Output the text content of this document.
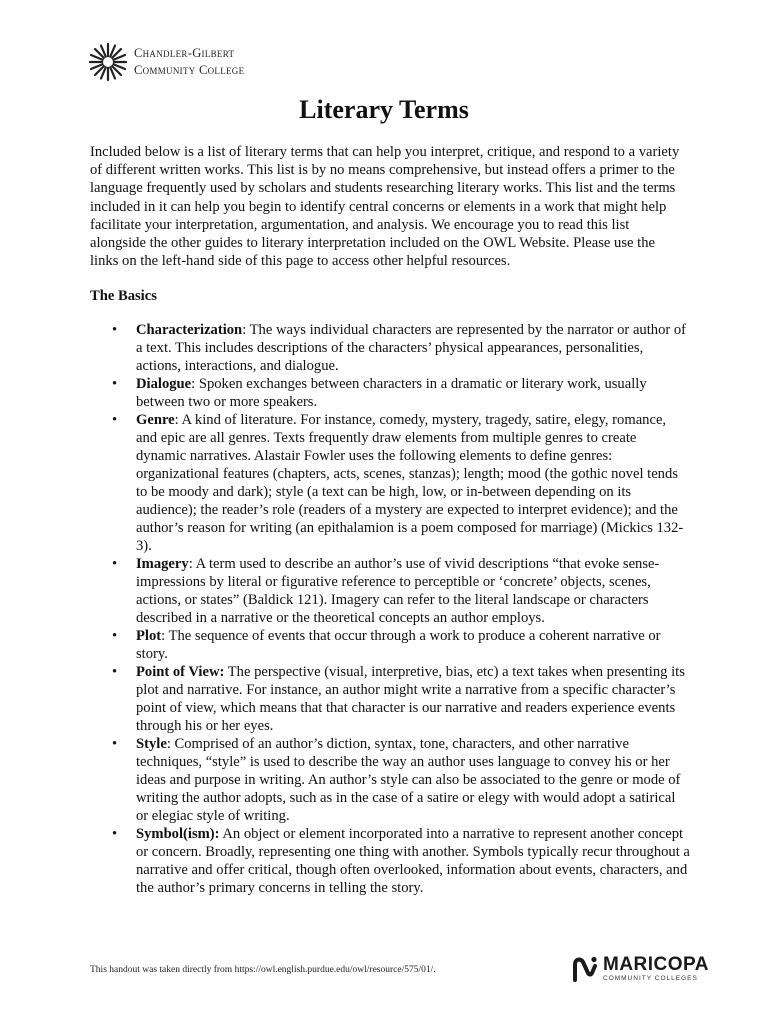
Chandler-Gilbert
Community College
Literary Terms

Included below is a list of literary terms that can help you interpret, critique, and respond to a variety of different written works. This list is by no means comprehensive, but instead offers a primer to the language frequently used by scholars and students researching literary works. This list and the terms included in it can help you begin to identify central concerns or elements in a work that might help facilitate your interpretation, argumentation, and analysis. We encourage you to read this list alongside the other guides to literary interpretation included on the OWL Website. Please use the links on the left-hand side of this page to access other helpful resources.

The Basics
• Characterization: The ways individual characters are represented by the narrator or author of a text. This includes descriptions of the characters’ physical appearances, personalities, actions, interactions, and dialogue.
• Dialogue: Spoken exchanges between characters in a dramatic or literary work, usually between two or more speakers.
• Genre: A kind of literature. For instance, comedy, mystery, tragedy, satire, elegy, romance, and epic are all genres. Texts frequently draw elements from multiple genres to create dynamic narratives. Alastair Fowler uses the following elements to define genres: organizational features (chapters, acts, scenes, stanzas); length; mood (the gothic novel tends to be moody and dark); style (a text can be high, low, or in-between depending on its audience); the reader’s role (readers of a mystery are expected to interpret evidence); and the author’s reason for writing (an epithalamion is a poem composed for marriage) (Mickics 132-3).
• Imagery: A term used to describe an author’s use of vivid descriptions “that evoke sense-impressions by literal or figurative reference to perceptible or ‘concrete’ objects, scenes, actions, or states” (Baldick 121). Imagery can refer to the literal landscape or characters described in a narrative or the theoretical concepts an author employs.
• Plot: The sequence of events that occur through a work to produce a coherent narrative or story.
• Point of View: The perspective (visual, interpretive, bias, etc) a text takes when presenting its plot and narrative. For instance, an author might write a narrative from a specific character’s point of view, which means that that character is our narrative and readers experience events through his or her eyes.
• Style: Comprised of an author’s diction, syntax, tone, characters, and other narrative techniques, “style” is used to describe the way an author uses language to convey his or her ideas and purpose in writing. An author’s style can also be associated to the genre or mode of writing the author adopts, such as in the case of a satire or elegy with would adopt a satirical or elegiac style of writing.
• Symbol(ism): An object or element incorporated into a narrative to represent another concept or concern. Broadly, representing one thing with another. Symbols typically recur throughout a narrative and offer critical, though often overlooked, information about events, characters, and the author’s primary concerns in telling the story.
This handout was taken directly from https://owl.english.purdue.edu/owl/resource/575/01/.	MARICOPA
COMMUNITY COLLEGES
